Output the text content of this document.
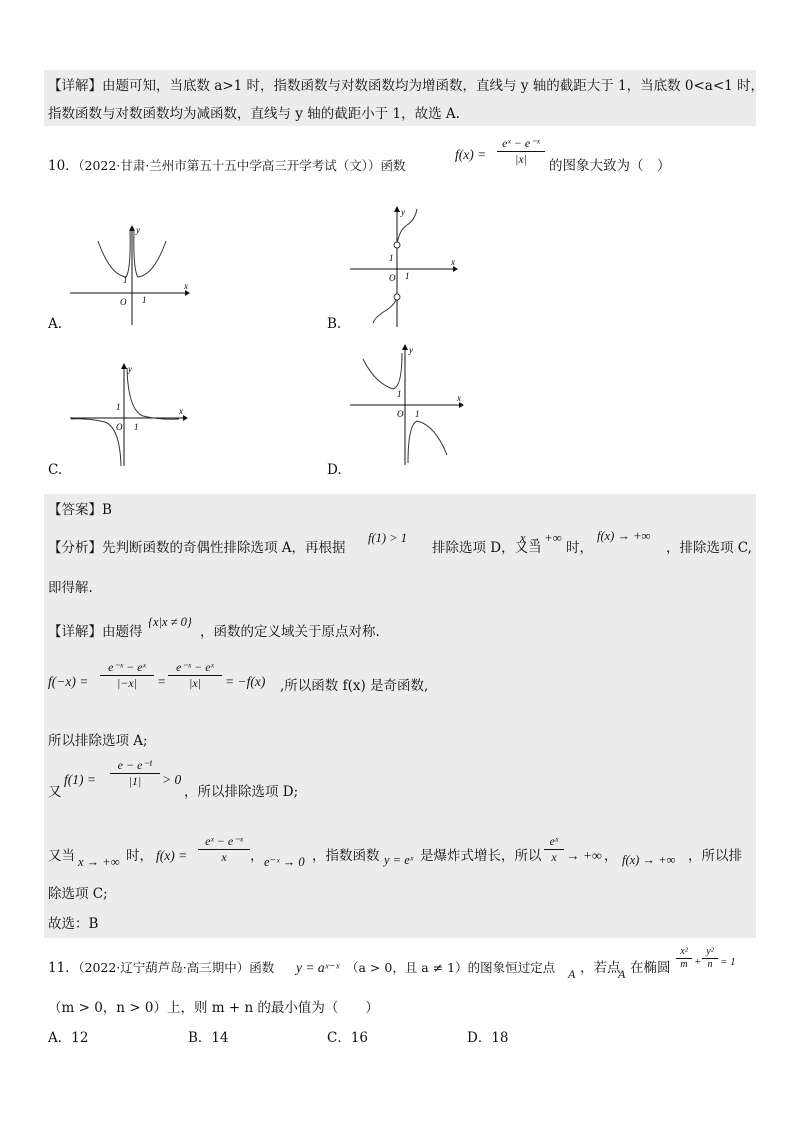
【详解】由题可知，当底数 a>1 时，指数函数与对数函数均为增函数，直线与 y 轴的截距大于 1，当底数 0<a<1 时，
指数函数与对数函数均为减函数，直线与 y 轴的截距小于 1，故选 A.
10．
（2022·甘肃·兰州市第五十五中学高三开学考试（文））函数
$f(x) = \frac{\text{eˣ − e⁻ˣ}}{|x|}$ 的图象大致为（　）
y
x
O 1
1
A.
y
x
O 1
1
B.
y
x
O 1
1
C.
y
x
O 1
1
D.
【答案】B
【分析】先判断函数的奇偶性排除选项 A，再根据
f(1) > 1
排除选项 D，又当
x → +∞
时，
f(x) → +∞
，排除选项 C,
即得解.
【详解】由题得
{x|x ≠ 0}
，函数的定义域关于原点对称.
$f(-x) = \frac{\text{e⁻ˣ − eˣ}}{|-x|} = \frac{\text{e⁻ˣ − eˣ}}{|x|} = -f(x)$ ,所以函数 f(x) 是奇函数,
所以排除选项 A;
又
$f(1) = \frac{\text{e − e⁻¹}}{|1|} > 0$
，所以排除选项 D;
又当 x → +∞ 时， $f(x) = \frac{\text{eˣ − e⁻ˣ}}{x}$ ， e⁻ˣ → 0 ，指数函数 y = eˣ 是爆炸式增长，所以 $\frac{\text{eˣ}}{x}$ → +∞ ， f(x) → +∞ ，所以排
除选项 C;
故选：B
11．
（2022·辽宁葫芦岛·高三期中）函数 y = aˣ⁻ˣ （a > 0，且 a ≠ 1）的图象恒过定点 A ，若点
A 在椭圆 $\frac{\text{x²}}{m} + \frac{\text{y²}}{n} = 1$
（m > 0，n > 0）上，则 m + n 的最小值为（　　）
A．12	B．14	C．16	D．18
